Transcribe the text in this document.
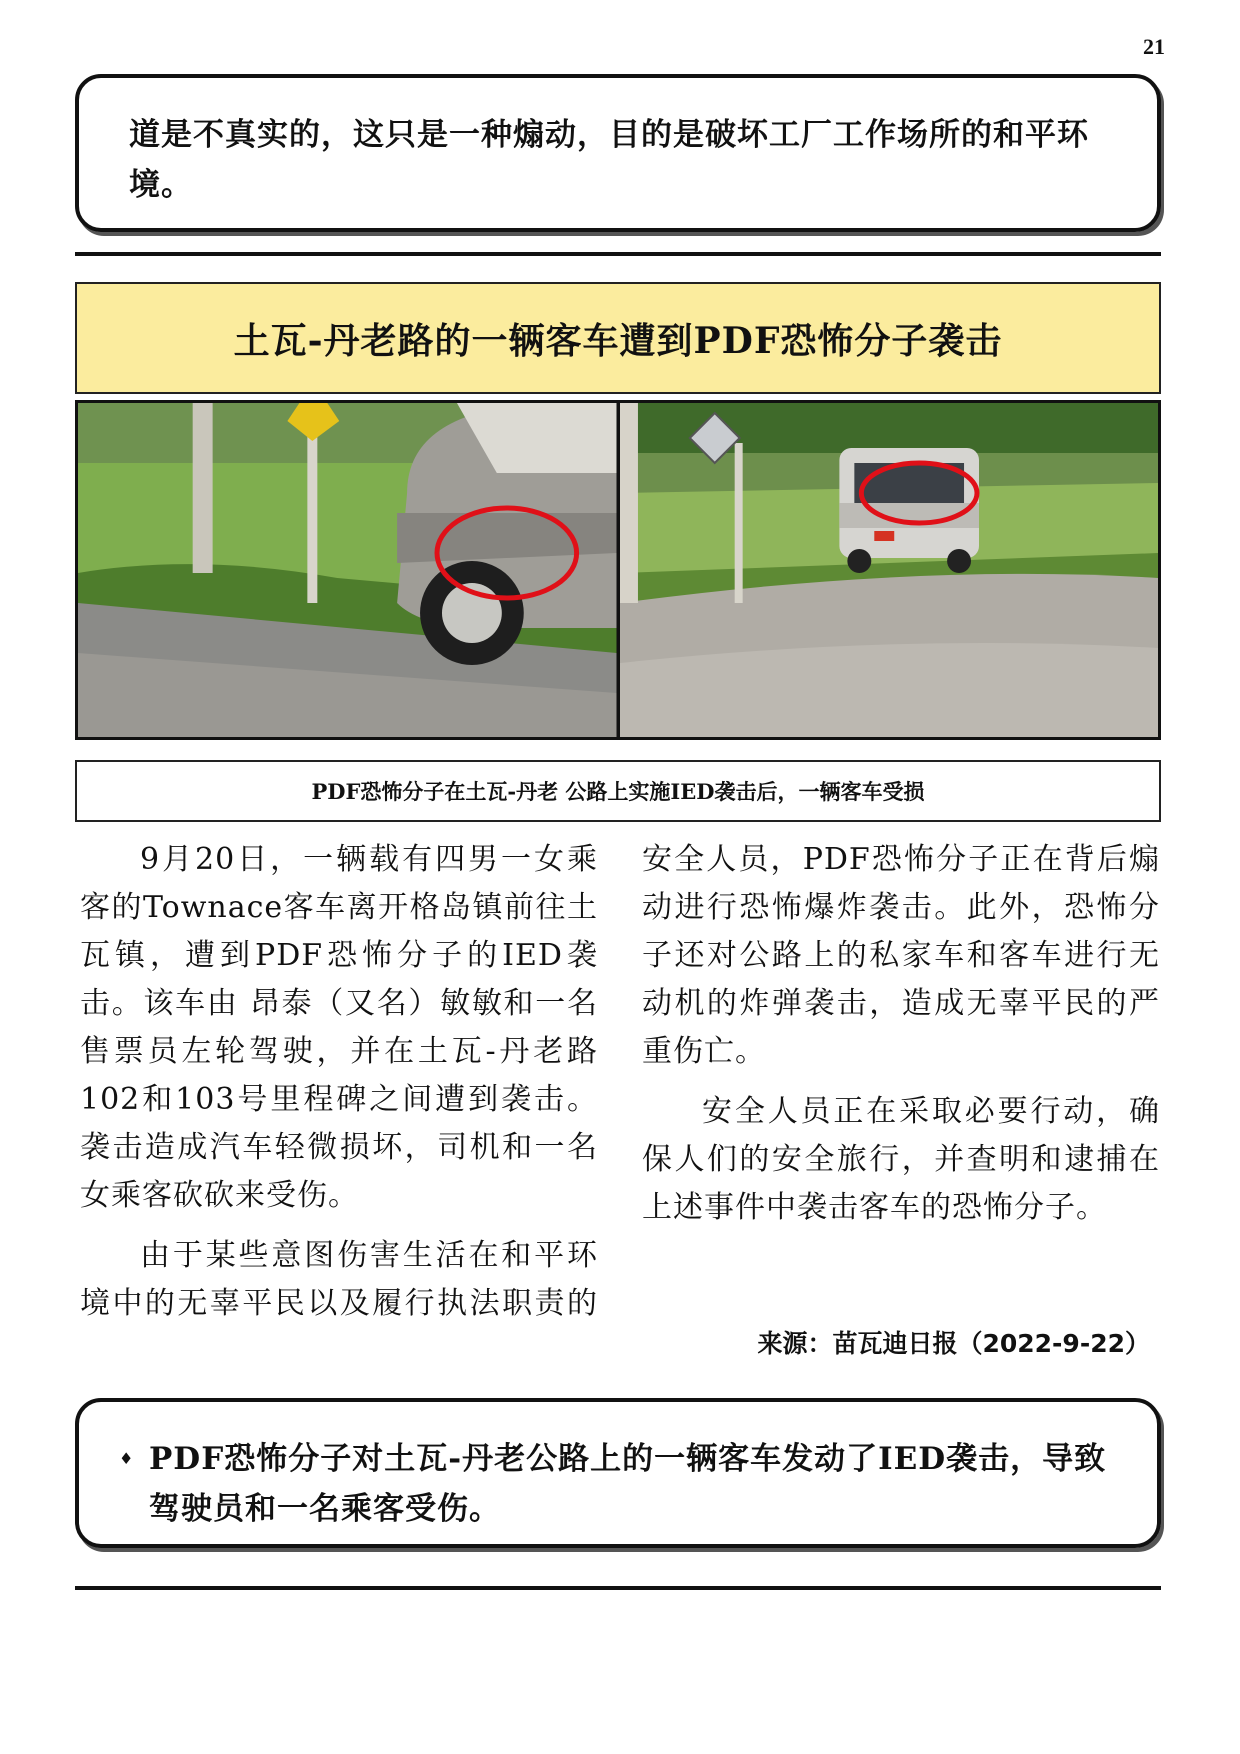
21

道是不真实的，这只是一种煽动，目的是破坏工厂工作场所的和平环境。

土瓦-丹老路的一辆客车遭到PDF恐怖分子袭击
PDF恐怖分子在土瓦-丹老 公路上实施IED袭击后，一辆客车受损

9月20日，一辆载有四男一女乘客的Townace客车离开格岛镇前往土瓦镇，遭到PDF恐怖分子的IED袭击。该车由 昂泰（又名）敏敏和一名售票员左轮驾驶，并在土瓦-丹老路102和103号里程碑之间遭到袭击。袭击造成汽车轻微损坏，司机和一名女乘客砍砍来受伤。

由于某些意图伤害生活在和平环境中的无辜平民以及履行执法职责的安全人员，PDF恐怖分子正在背后煽动进行恐怖爆炸袭击。此外，恐怖分子还对公路上的私家车和客车进行无动机的炸弹袭击，造成无辜平民的严重伤亡。

安全人员正在采取必要行动，确保人们的安全旅行，并查明和逮捕在上述事件中袭击客车的恐怖分子。

来源：苗瓦迪日报（2022-9-22）
♦ PDF恐怖分子对土瓦-丹老公路上的一辆客车发动了IED袭击，导致驾驶员和一名乘客受伤。
